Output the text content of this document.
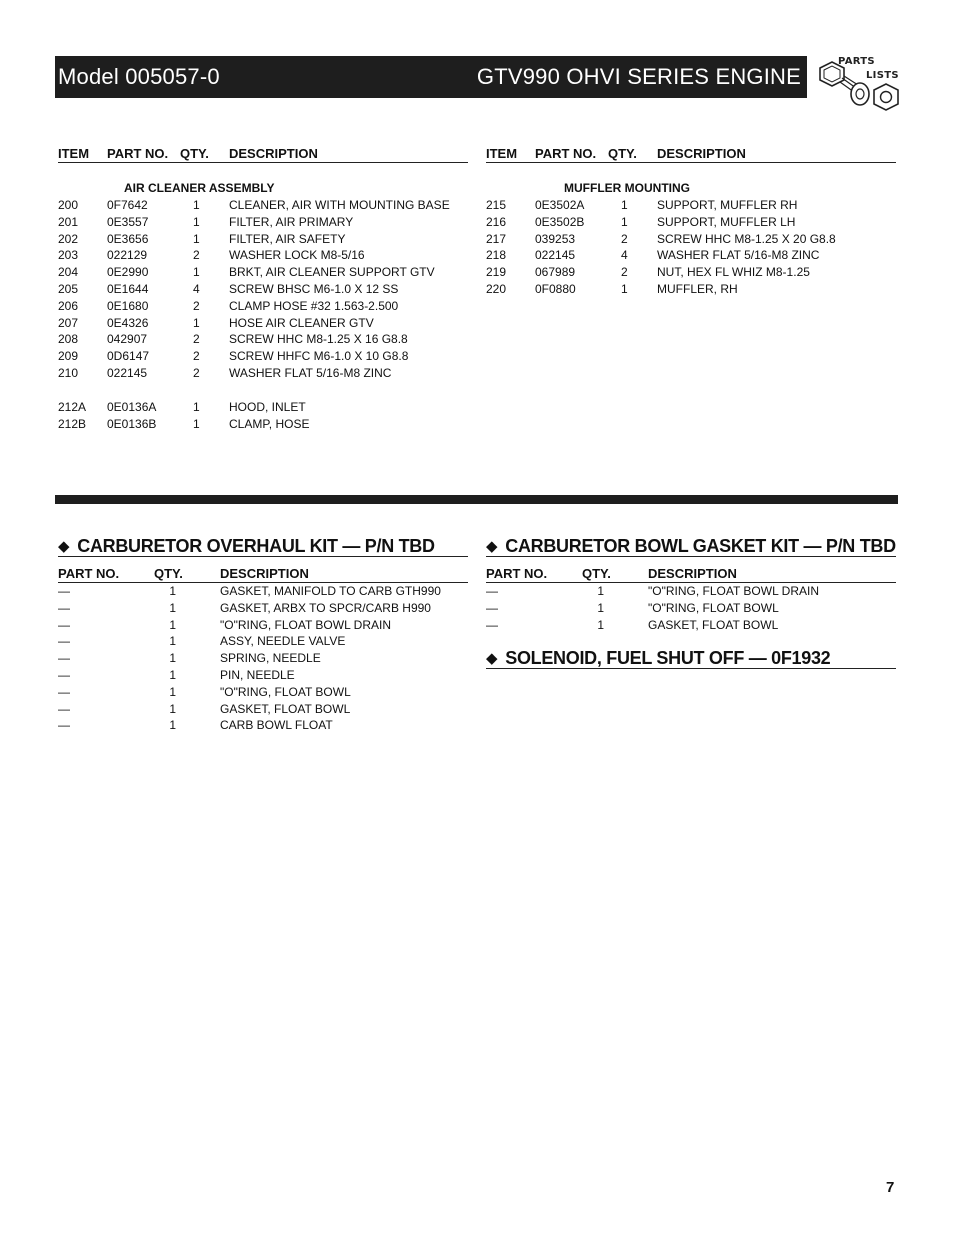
Model 005057-0	GTV990 OHVI SERIES ENGINE
PARTS
LISTS
ITEM PART NO. QTY. DESCRIPTION
AIR CLEANER ASSEMBLY
200 0F7642	1 CLEANER, AIR WITH MOUNTING BASE
201 0E3557	1 FILTER, AIR PRIMARY
202 0E3656	1 FILTER, AIR SAFETY
203 022129	2 WASHER LOCK M8-5/16
204 0E2990	1 BRKT, AIR CLEANER SUPPORT GTV
205 0E1644	4 SCREW BHSC M6-1.0 X 12 SS
206 0E1680	2 CLAMP HOSE #32 1.563-2.500
207 0E4326	1 HOSE AIR CLEANER GTV
208 042907	2 SCREW HHC M8-1.25 X 16 G8.8
209 0D6147	2 SCREW HHFC M6-1.0 X 10 G8.8
210 022145	2 WASHER FLAT 5/16-M8 ZINC
212A 0E0136A	1 HOOD, INLET
212B 0E0136B	1 CLAMP, HOSE
ITEM PART NO. QTY. DESCRIPTION
MUFFLER MOUNTING
215 0E3502A	1 SUPPORT, MUFFLER RH
216 0E3502B	1 SUPPORT, MUFFLER LH
217 039253	2 SCREW HHC M8-1.25 X 20 G8.8
218 022145	4 WASHER FLAT 5/16-M8 ZINC
219 067989	2 NUT, HEX FL WHIZ M8-1.25
220 0F0880	1 MUFFLER, RH
◆ CARBURETOR OVERHAUL KIT — P/N TBD
PART NO.	QTY.	DESCRIPTION
—	1	GASKET, MANIFOLD TO CARB GTH990
—	1	GASKET, ARBX TO SPCR/CARB H990
—	1	"O"RING, FLOAT BOWL DRAIN
—	1	ASSY, NEEDLE VALVE
—	1	SPRING, NEEDLE
—	1	PIN, NEEDLE
—	1	"O"RING, FLOAT BOWL
—	1	GASKET, FLOAT BOWL
—	1	CARB BOWL FLOAT
◆ CARBURETOR BOWL GASKET KIT — P/N TBD
PART NO.	QTY.	DESCRIPTION
—	1	"O"RING, FLOAT BOWL DRAIN
—	1	"O"RING, FLOAT BOWL
—	1	GASKET, FLOAT BOWL
◆ SOLENOID, FUEL SHUT OFF — 0F1932
7
